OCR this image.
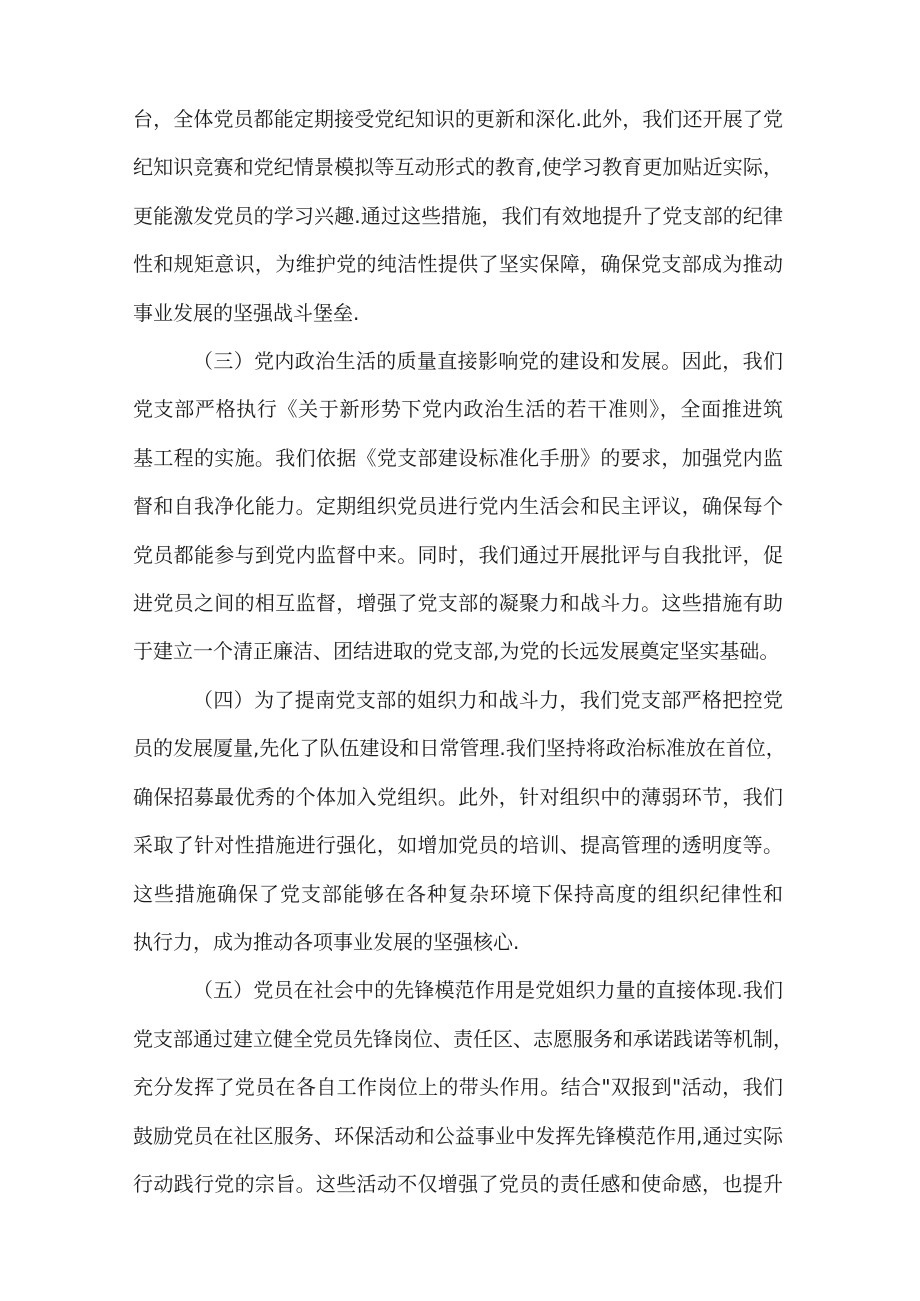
台，全体党员都能定期接受党纪知识的更新和深化.此外，我们还开展了党
纪知识竞赛和党纪情景模拟等互动形式的教育,使学习教育更加贴近实际，
更能激发党员的学习兴趣.通过这些措施，我们有效地提升了党支部的纪律
性和规矩意识，为维护党的纯洁性提供了坚实保障，确保党支部成为推动
事业发展的坚强战斗堡垒.
（三）党内政治生活的质量直接影响党的建设和发展。因此，我们
党支部严格执行《关于新形势下党内政治生活的若干准则》，全面推进筑
基工程的实施。我们依据《党支部建设标准化手册》的要求，加强党内监
督和自我净化能力。定期组织党员进行党内生活会和民主评议，确保每个
党员都能参与到党内监督中来。同时，我们通过开展批评与自我批评，促
进党员之间的相互监督，增强了党支部的凝聚力和战斗力。这些措施有助
于建立一个清正廉洁、团结进取的党支部,为党的长远发展奠定坚实基础。
（四）为了提南党支部的姐织力和战斗力，我们党支部严格把控党
员的发展厦量,先化了队伍建设和日常管理.我们坚持将政治标准放在首位，
确保招募最优秀的个体加入党组织。此外，针对组织中的薄弱环节，我们
采取了针对性措施进行强化，如增加党员的培训、提高管理的透明度等。
这些措施确保了党支部能够在各种复杂环境下保持高度的组织纪律性和
执行力，成为推动各项事业发展的坚强核心.
（五）党员在社会中的先锋模范作用是党姐织力量的直接体现.我们
党支部通过建立健全党员先锋岗位、责任区、志愿服务和承诺践诺等机制，
充分发挥了党员在各自工作岗位上的带头作用。结合"双报到"活动，我们
鼓励党员在社区服务、环保活动和公益事业中发挥先锋模范作用,通过实际
行动践行党的宗旨。这些活动不仅增强了党员的责任感和使命感，也提升
